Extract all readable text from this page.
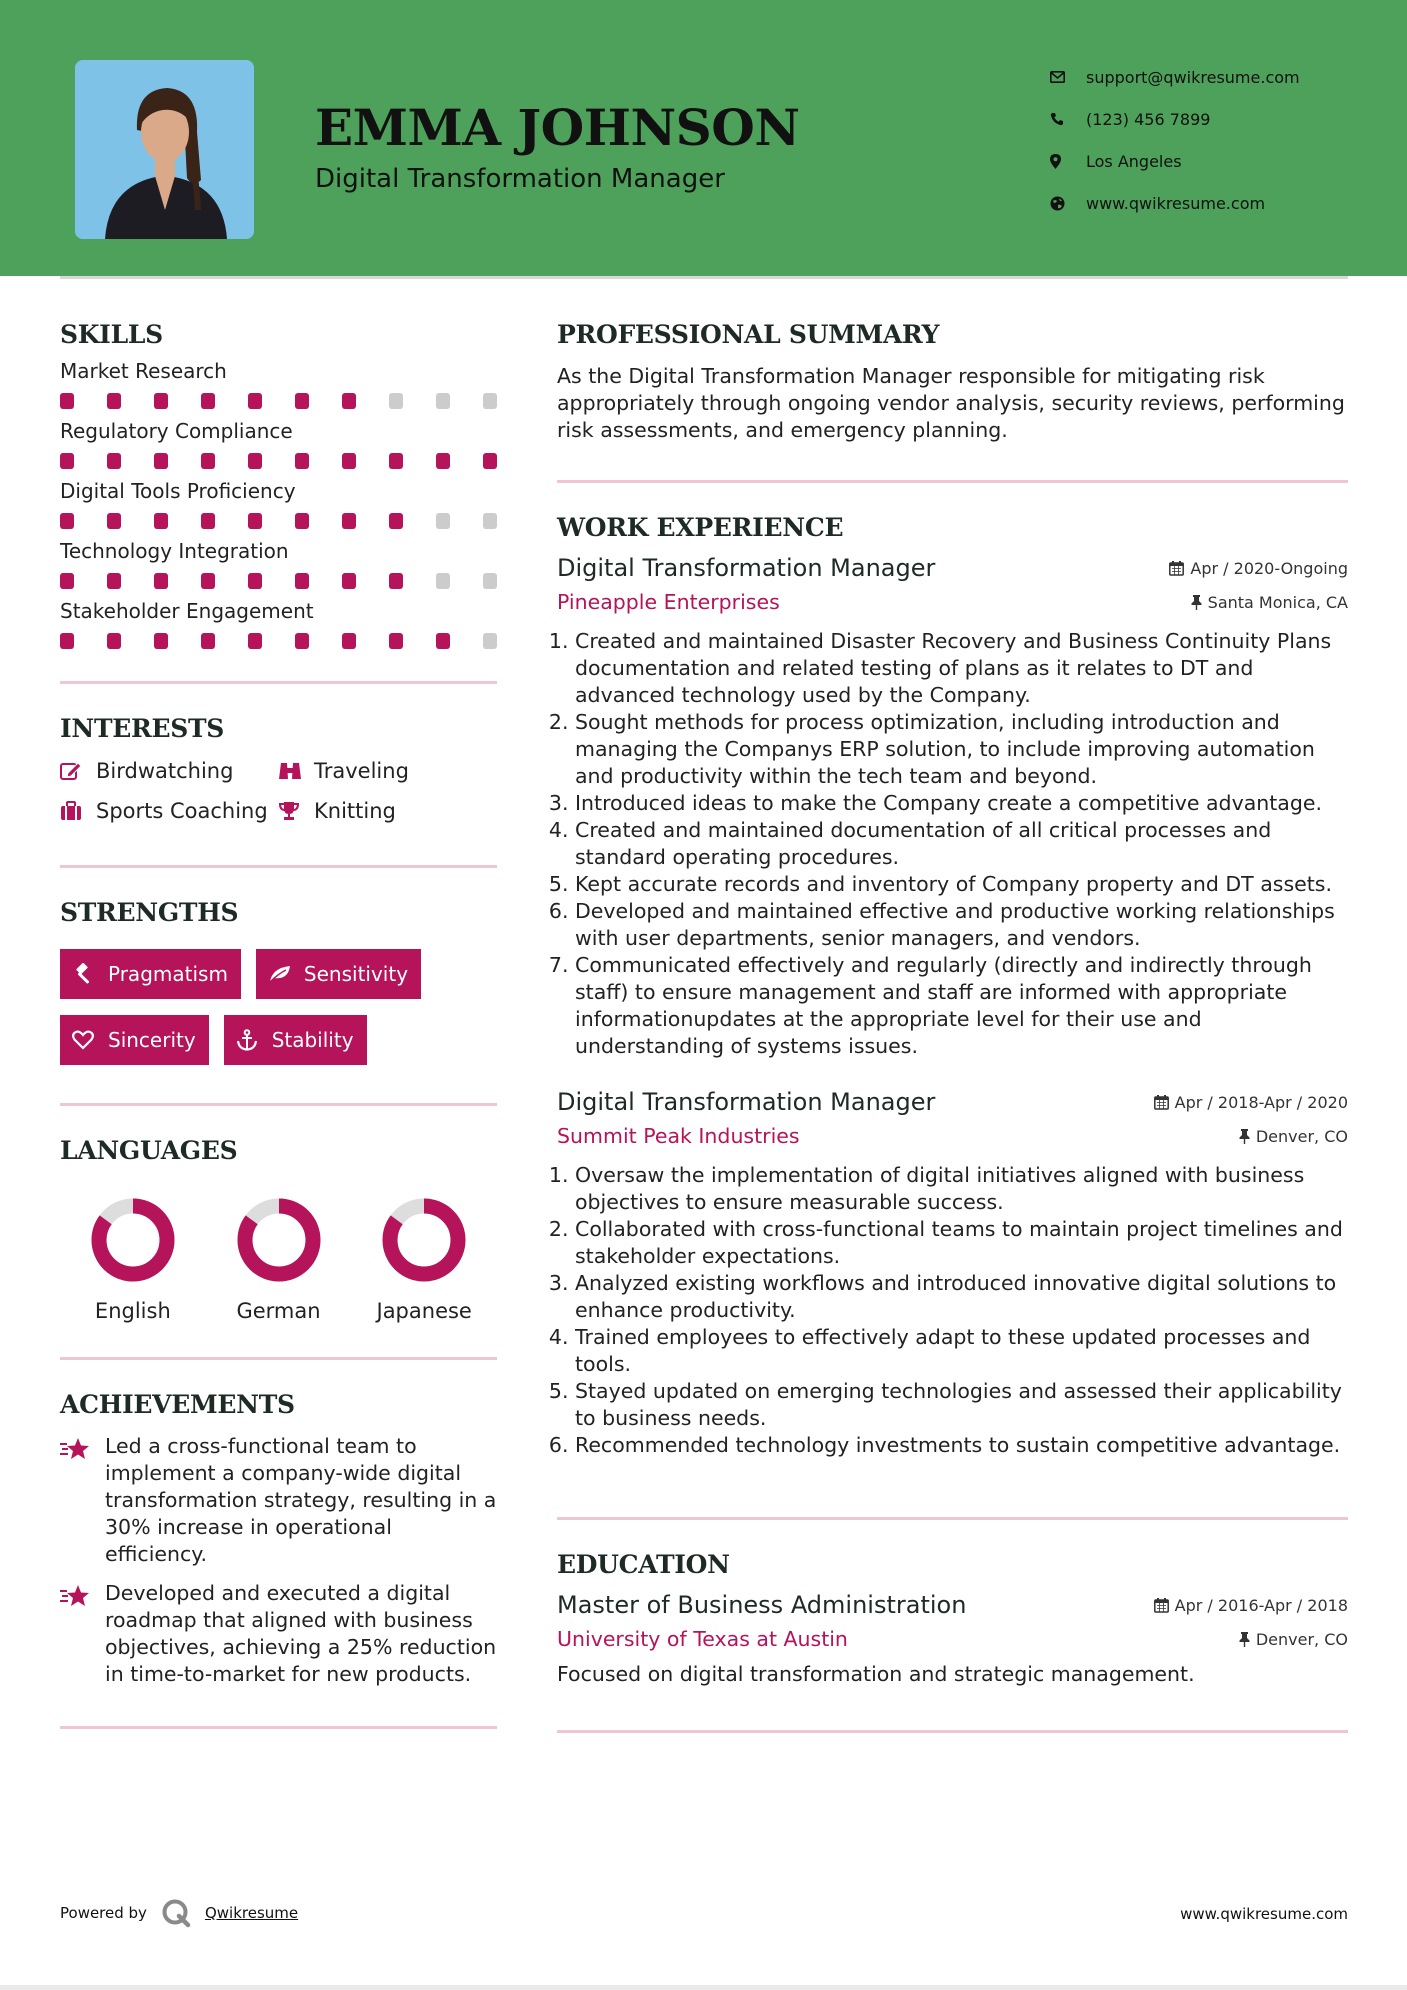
EMMA JOHNSON
Digital Transformation Manager
support@qwikresume.com
(123) 456 7899
Los Angeles
www.qwikresume.com
SKILLS
Market Research
Regulatory Compliance
Digital Tools Proficiency
Technology Integration
Stakeholder Engagement
INTERESTS
Birdwatching	Traveling
Sports Coaching Knitting
STRENGTHS
Pragmatism	Sensitivity
Sincerity	Stability
LANGUAGES
English	German	Japanese
ACHIEVEMENTS
Led a cross-functional team to implement a company-wide digital transformation strategy, resulting in a 30% increase in operational efficiency.
Developed and executed a digital roadmap that aligned with business objectives, achieving a 25% reduction in time-to-market for new products.
PROFESSIONAL SUMMARY
As the Digital Transformation Manager responsible for mitigating risk appropriately through ongoing vendor analysis, security reviews, performing risk assessments, and emergency planning.
WORK EXPERIENCE
Digital Transformation Manager	Apr / 2020-Ongoing
Pineapple Enterprises	Santa Monica, CA
1. Created and maintained Disaster Recovery and Business Continuity Plans documentation and related testing of plans as it relates to DT and advanced technology used by the Company.
2. Sought methods for process optimization, including introduction and managing the Companys ERP solution, to include improving automation and productivity within the tech team and beyond.
3. Introduced ideas to make the Company create a competitive advantage.
4. Created and maintained documentation of all critical processes and standard operating procedures.
5. Kept accurate records and inventory of Company property and DT assets.
6. Developed and maintained effective and productive working relationships with user departments, senior managers, and vendors.
7. Communicated effectively and regularly (directly and indirectly through staff) to ensure management and staff are informed with appropriate informationupdates at the appropriate level for their use and understanding of systems issues.
Digital Transformation Manager	Apr / 2018-Apr / 2020
Summit Peak Industries	Denver, CO
1. Oversaw the implementation of digital initiatives aligned with business objectives to ensure measurable success.
2. Collaborated with cross-functional teams to maintain project timelines and stakeholder expectations.
3. Analyzed existing workflows and introduced innovative digital solutions to enhance productivity.
4. Trained employees to effectively adapt to these updated processes and tools.
5. Stayed updated on emerging technologies and assessed their applicability to business needs.
6. Recommended technology investments to sustain competitive advantage.
EDUCATION
Master of Business Administration	Apr / 2016-Apr / 2018
University of Texas at Austin	Denver, CO
Focused on digital transformation and strategic management.
Powered by	Qwikresume	www.qwikresume.com
